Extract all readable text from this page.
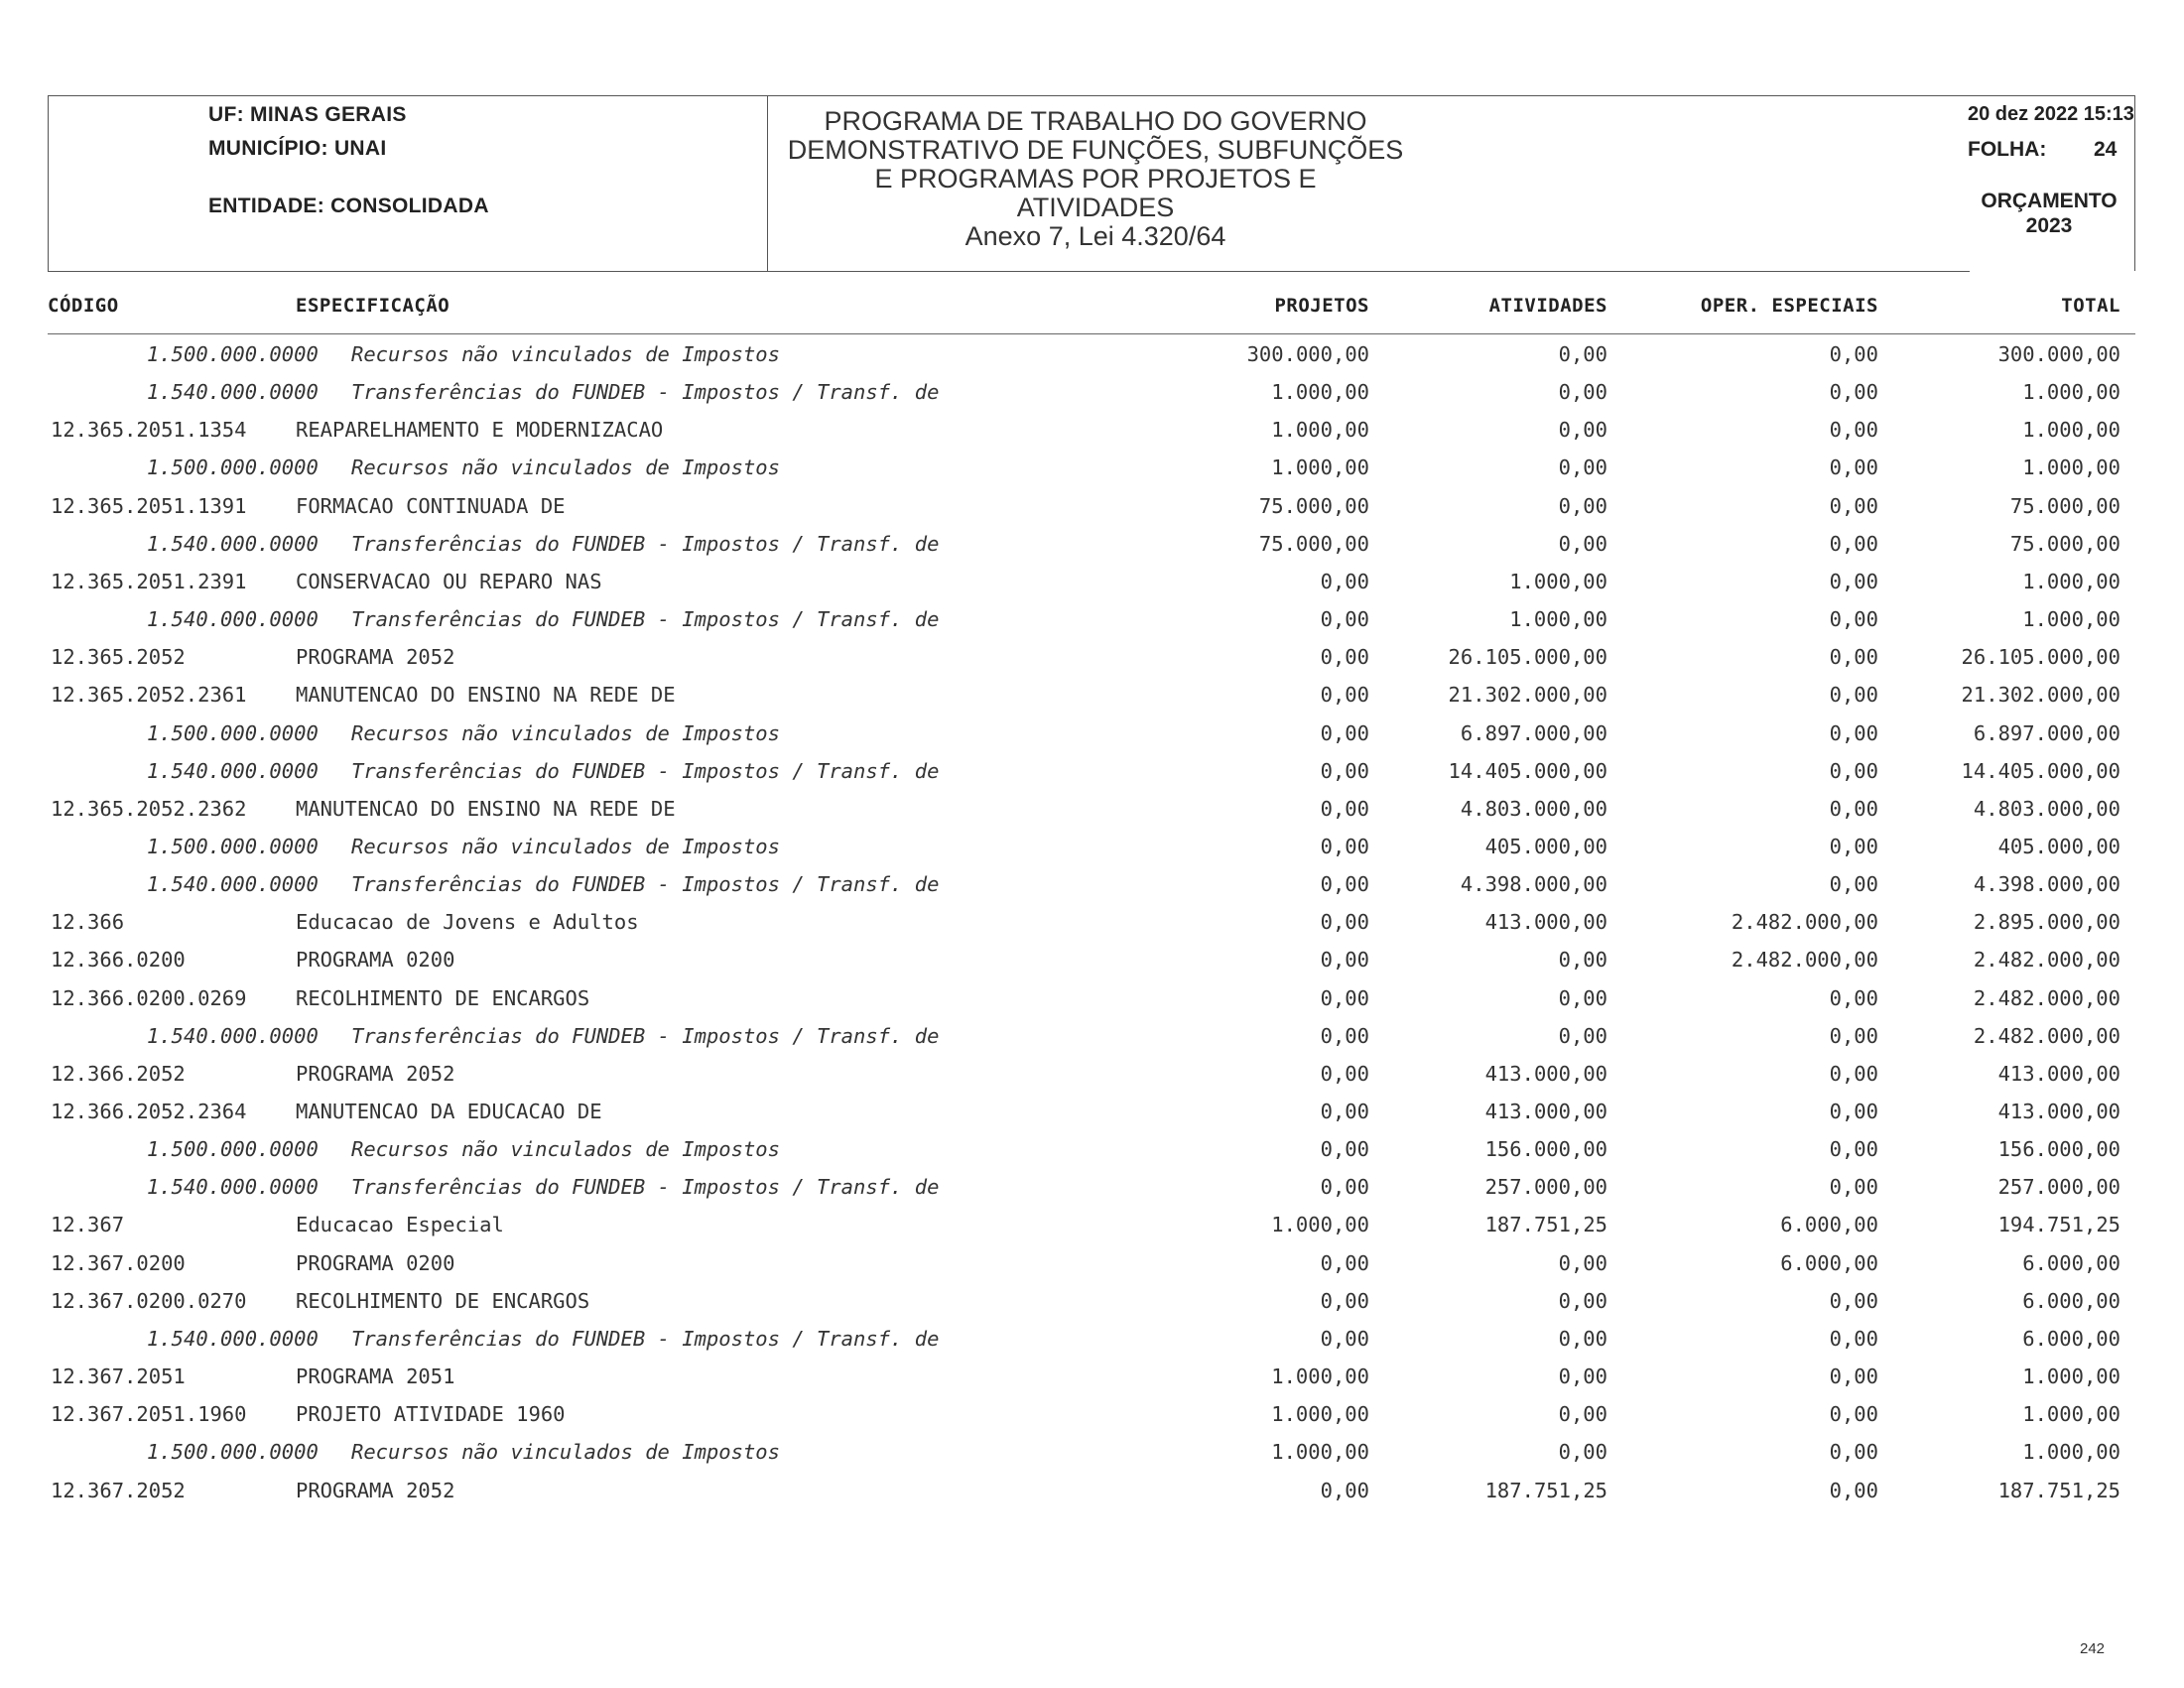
UF: MINAS GERAIS
MUNICÍPIO: UNAI
ENTIDADE: CONSOLIDADA
PROGRAMA DE TRABALHO DO GOVERNO
DEMONSTRATIVO DE FUNÇÕES, SUBFUNÇÕES
E PROGRAMAS POR PROJETOS E
ATIVIDADES
Anexo 7, Lei 4.320/64
20 dez 2022 15:13
FOLHA: 24
ORÇAMENTO
2023
CÓDIGO	ESPECIFICAÇÃO	PROJETOS	ATIVIDADES	OPER. ESPECIAIS	TOTAL
1.500.000.0000 Recursos não vinculados de Impostos	300.000,00	0,00	0,00	300.000,00
1.540.000.0000 Transferências do FUNDEB - Impostos / Transf. de	1.000,00	0,00	0,00	1.000,00
12.365.2051.1354 REAPARELHAMENTO E MODERNIZACAO	1.000,00	0,00	0,00	1.000,00
1.500.000.0000 Recursos não vinculados de Impostos	1.000,00	0,00	0,00	1.000,00
12.365.2051.1391 FORMACAO CONTINUADA DE	75.000,00	0,00	0,00	75.000,00
1.540.000.0000 Transferências do FUNDEB - Impostos / Transf. de	75.000,00	0,00	0,00	75.000,00
12.365.2051.2391 CONSERVACAO OU REPARO NAS	0,00	1.000,00	0,00	1.000,00
1.540.000.0000 Transferências do FUNDEB - Impostos / Transf. de	0,00	1.000,00	0,00	1.000,00
12.365.2052	PROGRAMA 2052	0,00	26.105.000,00	0,00	26.105.000,00
12.365.2052.2361 MANUTENCAO DO ENSINO NA REDE DE	0,00	21.302.000,00	0,00	21.302.000,00
1.500.000.0000 Recursos não vinculados de Impostos	0,00	6.897.000,00	0,00	6.897.000,00
1.540.000.0000 Transferências do FUNDEB - Impostos / Transf. de	0,00	14.405.000,00	0,00	14.405.000,00
12.365.2052.2362 MANUTENCAO DO ENSINO NA REDE DE	0,00	4.803.000,00	0,00	4.803.000,00
1.500.000.0000 Recursos não vinculados de Impostos	0,00	405.000,00	0,00	405.000,00
1.540.000.0000 Transferências do FUNDEB - Impostos / Transf. de	0,00	4.398.000,00	0,00	4.398.000,00
12.366	Educacao de Jovens e Adultos	0,00	413.000,00	2.482.000,00	2.895.000,00
12.366.0200	PROGRAMA 0200	0,00	0,00	2.482.000,00	2.482.000,00
12.366.0200.0269 RECOLHIMENTO DE ENCARGOS	0,00	0,00	0,00	2.482.000,00
1.540.000.0000 Transferências do FUNDEB - Impostos / Transf. de	0,00	0,00	0,00	2.482.000,00
12.366.2052	PROGRAMA 2052	0,00	413.000,00	0,00	413.000,00
12.366.2052.2364 MANUTENCAO DA EDUCACAO DE	0,00	413.000,00	0,00	413.000,00
1.500.000.0000 Recursos não vinculados de Impostos	0,00	156.000,00	0,00	156.000,00
1.540.000.0000 Transferências do FUNDEB - Impostos / Transf. de	0,00	257.000,00	0,00	257.000,00
12.367	Educacao Especial	1.000,00	187.751,25	6.000,00	194.751,25
12.367.0200	PROGRAMA 0200	0,00	0,00	6.000,00	6.000,00
12.367.0200.0270 RECOLHIMENTO DE ENCARGOS	0,00	0,00	0,00	6.000,00
1.540.000.0000 Transferências do FUNDEB - Impostos / Transf. de	0,00	0,00	0,00	6.000,00
12.367.2051	PROGRAMA 2051	1.000,00	0,00	0,00	1.000,00
12.367.2051.1960 PROJETO ATIVIDADE 1960	1.000,00	0,00	0,00	1.000,00
1.500.000.0000 Recursos não vinculados de Impostos	1.000,00	0,00	0,00	1.000,00
12.367.2052	PROGRAMA 2052	0,00	187.751,25	0,00	187.751,25
242
